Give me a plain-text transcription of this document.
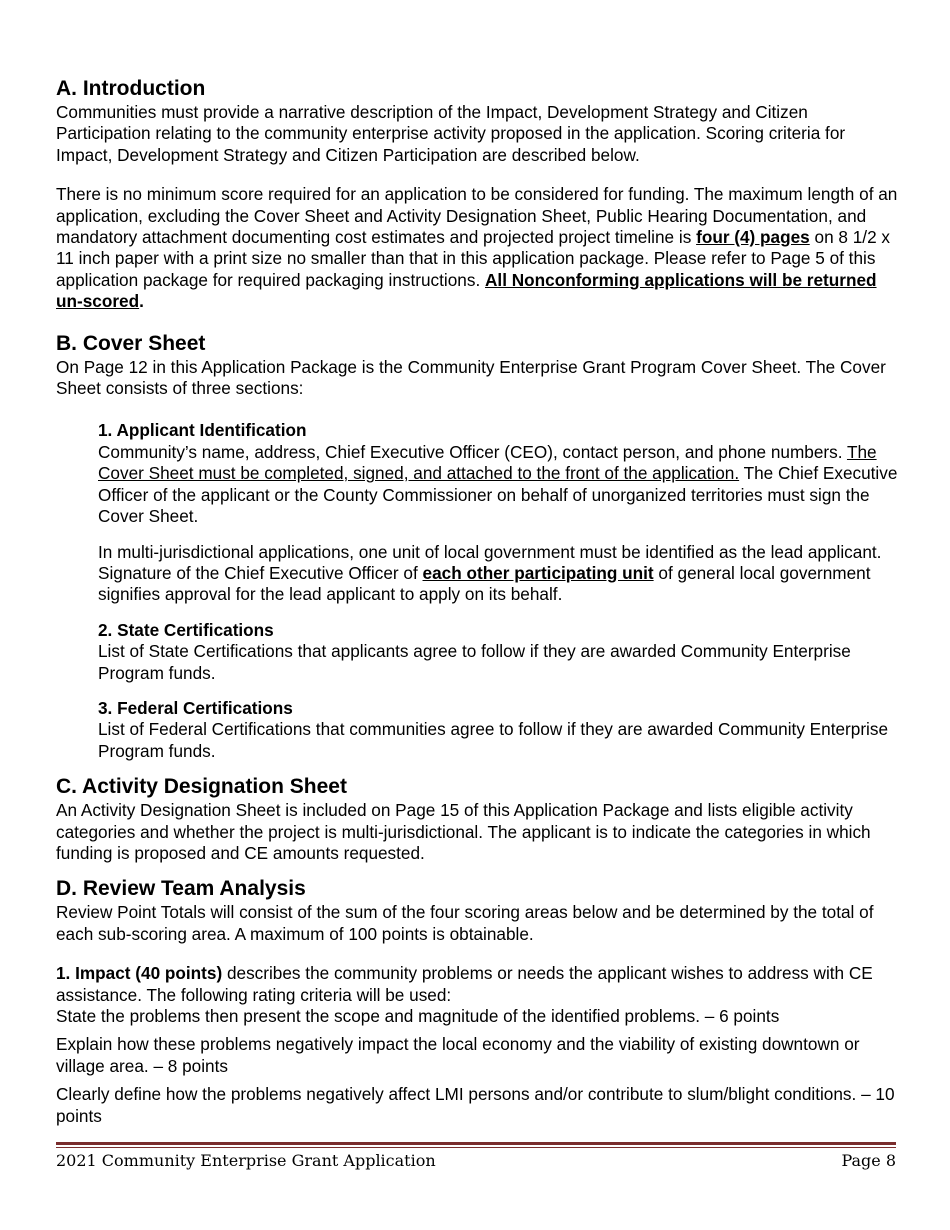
A. Introduction

Communities must provide a narrative description of the Impact, Development Strategy and Citizen Participation relating to the community enterprise activity proposed in the application. Scoring criteria for Impact, Development Strategy and Citizen Participation are described below.

There is no minimum score required for an application to be considered for funding. The maximum length of an application, excluding the Cover Sheet and Activity Designation Sheet, Public Hearing Documentation, and mandatory attachment documenting cost estimates and projected project timeline is four (4) pages on 8 1/2 x 11 inch paper with a print size no smaller than that in this application package. Please refer to Page 5 of this application package for required packaging instructions. All Nonconforming applications will be returned un-scored.

B. Cover Sheet

On Page 12 in this Application Package is the Community Enterprise Grant Program Cover Sheet. The Cover Sheet consists of three sections:

1. Applicant Identification

Community’s name, address, Chief Executive Officer (CEO), contact person, and phone numbers. The Cover Sheet must be completed, signed, and attached to the front of the application. The Chief Executive Officer of the applicant or the County Commissioner on behalf of unorganized territories must sign the Cover Sheet.

In multi-jurisdictional applications, one unit of local government must be identified as the lead applicant. Signature of the Chief Executive Officer of each other participating unit of general local government signifies approval for the lead applicant to apply on its behalf.

2. State Certifications

List of State Certifications that applicants agree to follow if they are awarded Community Enterprise Program funds.

3. Federal Certifications

List of Federal Certifications that communities agree to follow if they are awarded Community Enterprise Program funds.

C. Activity Designation Sheet

An Activity Designation Sheet is included on Page 15 of this Application Package and lists eligible activity categories and whether the project is multi-jurisdictional. The applicant is to indicate the categories in which funding is proposed and CE amounts requested.

D. Review Team Analysis

Review Point Totals will consist of the sum of the four scoring areas below and be determined by the total of each sub-scoring area. A maximum of 100 points is obtainable.

1. Impact (40 points) describes the community problems or needs the applicant wishes to address with CE assistance. The following rating criteria will be used:

State the problems then present the scope and magnitude of the identified problems. – 6 points

Explain how these problems negatively impact the local economy and the viability of existing downtown or village area. – 8 points

Clearly define how the problems negatively affect LMI persons and/or contribute to slum/blight conditions. – 10 points

2021 Community Enterprise Grant Application	Page 8
